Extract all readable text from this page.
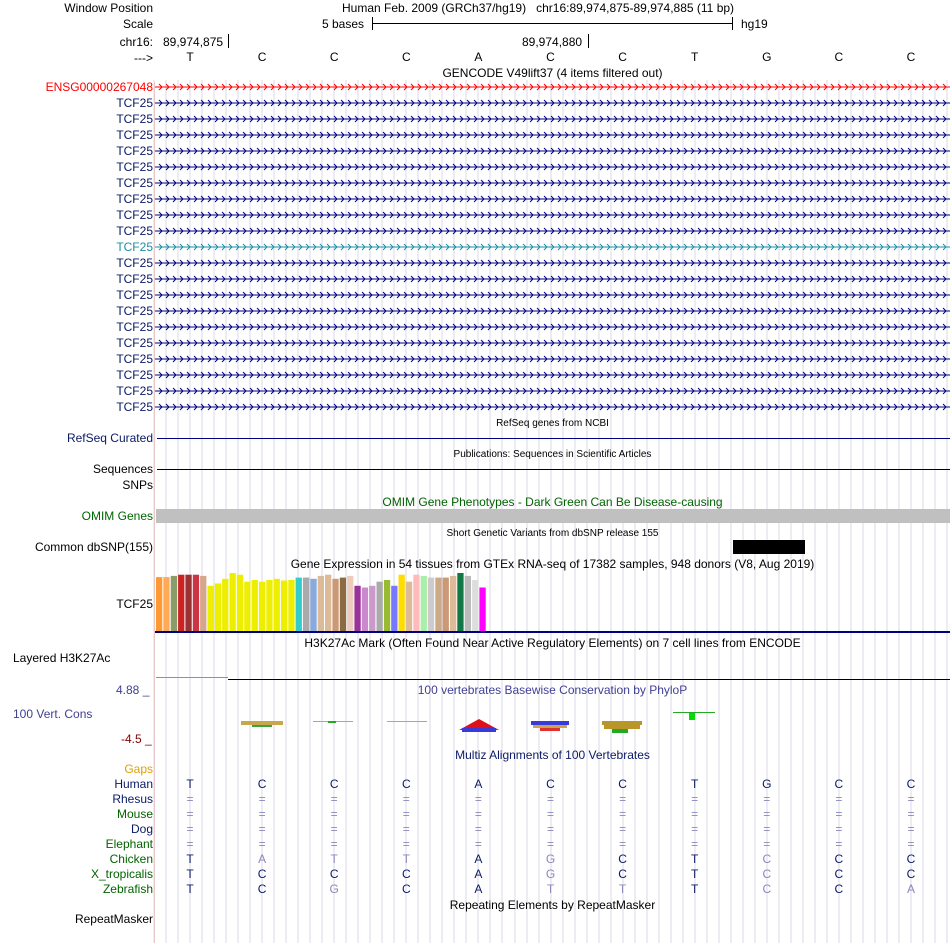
Window Position	Human Feb. 2009 (GRCh37/hg19)   chr16:89,974,875-89,974,885 (11 bp)
Scale	5 bases	hg19
chr16: 89,974,875	89,974,880
--->	T	C	C	C	A	C	C	T	G	C	C
GENCODE V49lift37 (4 items filtered out)
ENSG00000267048
TCF25
TCF25
TCF25
TCF25
TCF25
TCF25
TCF25
TCF25
TCF25
TCF25
TCF25
TCF25
TCF25
TCF25
TCF25
TCF25
TCF25
TCF25
TCF25
TCF25
RefSeq genes from NCBI
RefSeq Curated
Publications: Sequences in Scientific Articles
Sequences
SNPs
OMIM Gene Phenotypes - Dark Green Can Be Disease-causing
OMIM Genes
Short Genetic Variants from dbSNP release 155
Common dbSNP(155)
Gene Expression in 54 tissues from GTEx RNA-seq of 17382 samples, 948 donors (V8, Aug 2019)
TCF25
H3K27Ac Mark (Often Found Near Active Regulatory Elements) on 7 cell lines from ENCODE
Layered H3K27Ac
100 vertebrates Basewise Conservation by PhyloP
4.88 _
100 Vert. Cons
-4.5 _
Multiz Alignments of 100 Vertebrates
Gaps
Human	T	C	C	C	A	C	C	T	G	C	C
Rhesus	=	=	=	=	=	=	=	=	=	=	=
Mouse	=	=	=	=	=	=	=	=	=	=	=
Dog	=	=	=	=	=	=	=	=	=	=	=
Elephant	=	=	=	=	=	=	=	=	=	=	=
Chicken	T	A	T	T	A	G	C	T	C	C	C
X_tropicalis	T	C	C	C	A	G	C	T	C	C	C
Zebrafish	T	C	G	C	A	T	T	T	C	C	A
Repeating Elements by RepeatMasker
RepeatMasker
